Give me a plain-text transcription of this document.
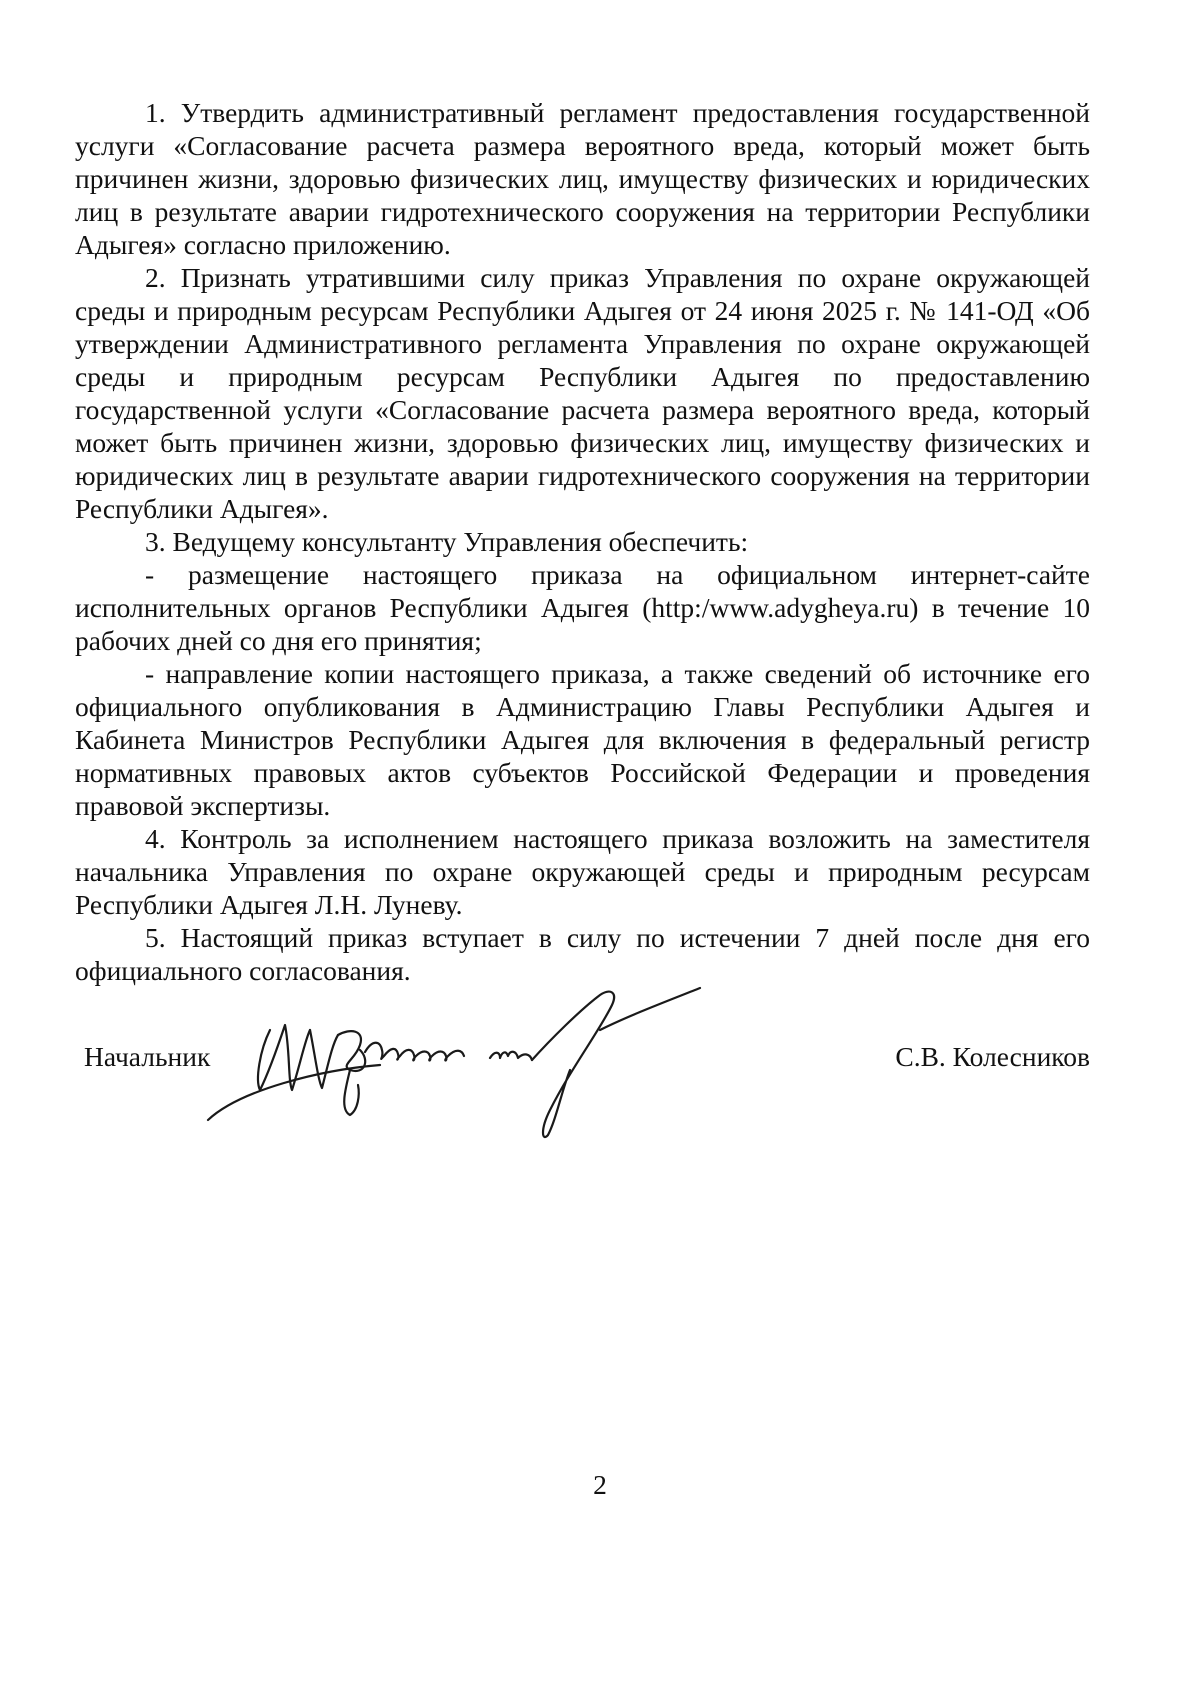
1. Утвердить административный регламент предоставления государственной услуги «Согласование расчета размера вероятного вреда, который может быть причинен жизни, здоровью физических лиц, имуществу физических и юридических лиц в результате аварии гидротехнического сооружения на территории Республики Адыгея» согласно приложению.

2. Признать утратившими силу приказ Управления по охране окружающей среды и природным ресурсам Республики Адыгея от 24 июня 2025 г. № 141-ОД «Об утверждении Административного регламента Управления по охране окружающей среды и природным ресурсам Республики Адыгея по предоставлению государственной услуги «Согласование расчета размера вероятного вреда, который может быть причинен жизни, здоровью физических лиц, имуществу физических и юридических лиц в результате аварии гидротехнического сооружения на территории Республики Адыгея».

3. Ведущему консультанту Управления обеспечить:

- размещение настоящего приказа на официальном интернет-сайте исполнительных органов Республики Адыгея (http:/www.adygheya.ru) в течение 10 рабочих дней со дня его принятия;

- направление копии настоящего приказа, а также сведений об источнике его официального опубликования в Администрацию Главы Республики Адыгея и Кабинета Министров Республики Адыгея для включения в федеральный регистр нормативных правовых актов субъектов Российской Федерации и проведения правовой экспертизы.

4. Контроль за исполнением настоящего приказа возложить на заместителя начальника Управления по охране окружающей среды и природным ресурсам Республики Адыгея Л.Н. Луневу.

5. Настоящий приказ вступает в силу по истечении 7 дней после дня его официального согласования.

Начальник	С.В. Колесников
2
